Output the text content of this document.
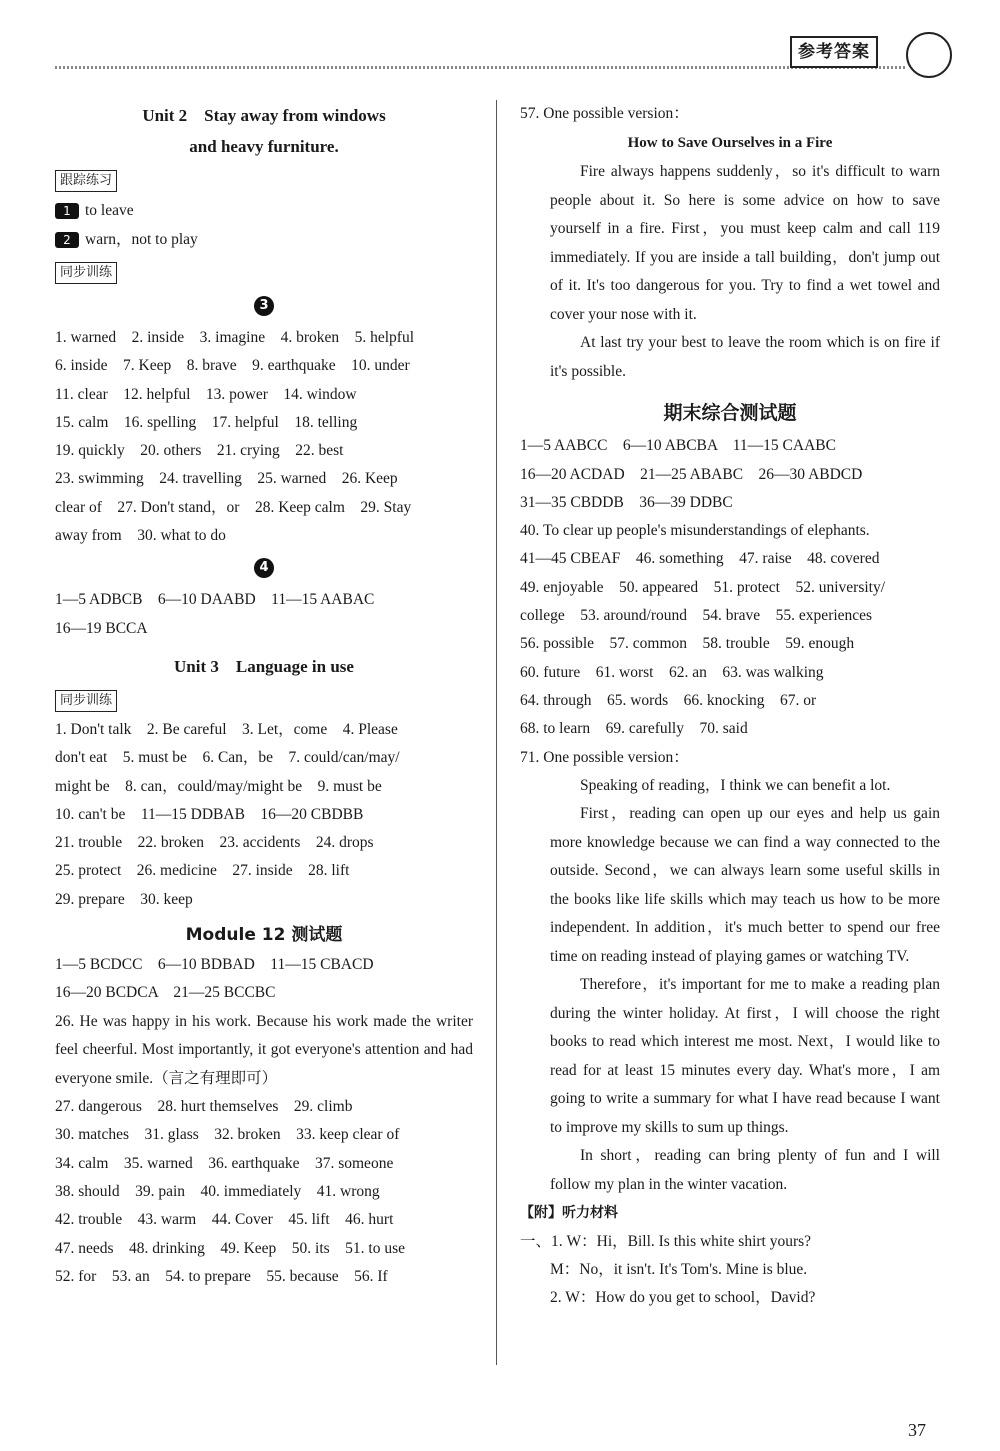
参考答案

Unit 2　Stay away from windows

and heavy furniture.

跟踪练习

1 to leave

2 warn，not to play

同步训练
3

1. warned　2. inside　3. imagine　4. broken　5. helpful

6. inside　7. Keep　8. brave　9. earthquake　10. under

11. clear　12. helpful　13. power　14. window

15. calm　16. spelling　17. helpful　18. telling

19. quickly　20. others　21. crying　22. best

23. swimming　24. travelling　25. warned　26. Keep

clear of　27. Don't stand，or　28. Keep calm　29. Stay

away from　30. what to do

4

1—5 ADBCB　6—10 DAABD　11—15 AABAC

16—19 BCCA

Unit 3　Language in use

同步训练

1. Don't talk　2. Be careful　3. Let，come　4. Please

don't eat　5. must be　6. Can，be　7. could/can/may/

might be　8. can，could/may/might be　9. must be

10. can't be　11—15 DDBAB　16—20 CBDBB

21. trouble　22. broken　23. accidents　24. drops

25. protect　26. medicine　27. inside　28. lift

29. prepare　30. keep

Module 12 测试题

1—5 BCDCC　6—10 BDBAD　11—15 CBACD

16—20 BCDCA　21—25 BCCBC

26. He was happy in his work. Because his work made the writer feel cheerful. Most importantly, it got everyone's attention and had everyone smile.（言之有理即可）

27. dangerous　28. hurt themselves　29. climb

30. matches　31. glass　32. broken　33. keep clear of

34. calm　35. warned　36. earthquake　37. someone

38. should　39. pain　40. immediately　41. wrong

42. trouble　43. warm　44. Cover　45. lift　46. hurt

47. needs　48. drinking　49. Keep　50. its　51. to use

52. for　53. an　54. to prepare　55. because　56. If

57. One possible version：

How to Save Ourselves in a Fire

Fire always happens suddenly，so it's difficult to warn people about it. So here is some advice on how to save yourself in a fire. First，you must keep calm and call 119 immediately. If you are inside a tall building，don't jump out of it. It's too dangerous for you. Try to find a wet towel and cover your nose with it.

At last try your best to leave the room which is on fire if it's possible.

期末综合测试题

1—5 AABCC　6—10 ABCBA　11—15 CAABC

16—20 ACDAD　21—25 ABABC　26—30 ABDCD

31—35 CBDDB　36—39 DDBC

40. To clear up people's misunderstandings of elephants.

41—45 CBEAF　46. something　47. raise　48. covered

49. enjoyable　50. appeared　51. protect　52. university/

college　53. around/round　54. brave　55. experiences

56. possible　57. common　58. trouble　59. enough

60. future　61. worst　62. an　63. was walking

64. through　65. words　66. knocking　67. or

68. to learn　69. carefully　70. said

71. One possible version：

Speaking of reading，I think we can benefit a lot.

First，reading can open up our eyes and help us gain more knowledge because we can find a way connected to the outside. Second，we can always learn some useful skills in the books like life skills which may teach us how to be more independent. In addition，it's much better to spend our free time on reading instead of playing games or watching TV.

Therefore，it's important for me to make a reading plan during the winter holiday. At first，I will choose the right books to read which interest me most. Next，I would like to read for at least 15 minutes every day. What's more，I am going to write a summary for what I have read because I want to improve my skills to sum up things.

In short，reading can bring plenty of fun and I will follow my plan in the winter vacation.

【附】听力材料

一、1. W：Hi，Bill. Is this white shirt yours?

M：No，it isn't. It's Tom's. Mine is blue.

2. W：How do you get to school，David?

37
